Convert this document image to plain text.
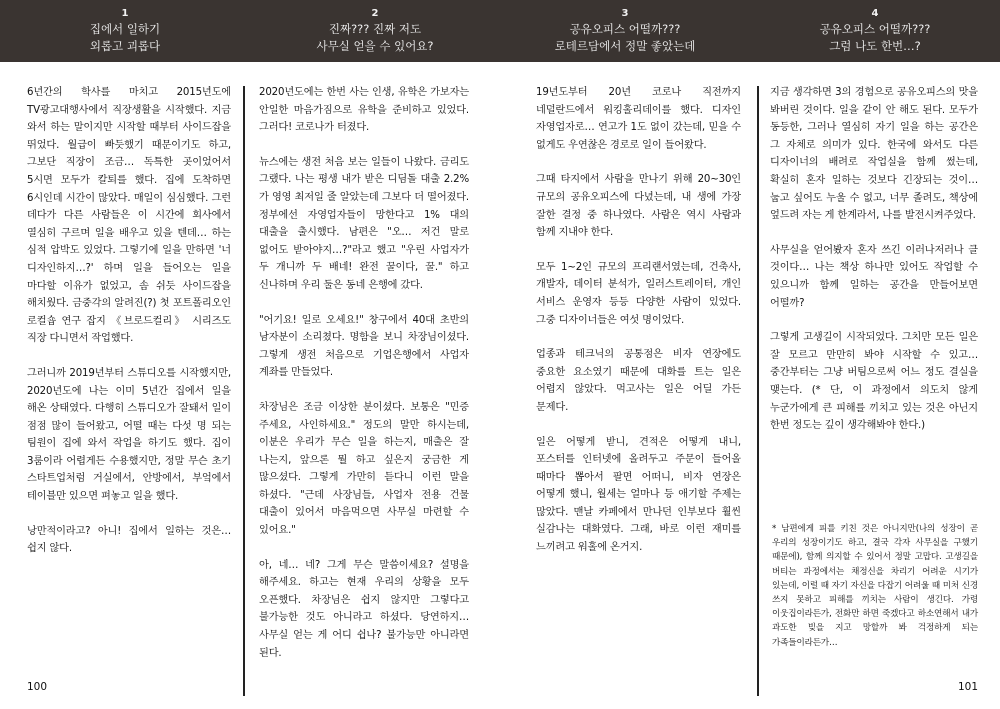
1
집에서 일하기
외롭고 괴롭다
2
진짜??? 진짜 저도
사무실 얻을 수 있어요?
3
공유오피스 어떨까???
로테르담에서 정말 좋았는데
4
공유오피스 어떨까???
그럼 나도 한번…?

6년간의 학사를 마치고 2015년도에 TV광고대행사에서 직장생활을 시작했다. 지금 와서 하는 말이지만 시작할 때부터 사이드잡을 뛰었다. 월급이 빠듯했기 때문이기도 하고, 그보단 직장이 조금… 독특한 곳이었어서 5시면 모두가 칼퇴를 했다. 집에 도착하면 6시인데 시간이 많았다. 매일이 심심했다. 그런 데다가 다른 사람들은 이 시간에 회사에서 열심히 구르며 일을 배우고 있을 텐데… 하는 심적 압박도 있었다. 그렇기에 일을 만하면 '너 디자인하지…?' 하며 일을 들어오는 일을 마다할 이유가 없었고, 솜 쉬듯 사이드잡을 해치웠다. 금중각의 알려진(?) 첫 포트폴리오인 로컬숍 연구 잡지 《브로드컬리》 시리즈도 직장 다니면서 작업했다.

그러니까 2019년부터 스튜디오를 시작했지만, 2020년도에 나는 이미 5년간 집에서 일을 해온 상태였다. 다행히 스튜디오가 잘돼서 일이 점점 많이 들어왔고, 어떨 때는 다섯 명 되는 팀원이 집에 와서 작업을 하기도 했다. 집이 3룸이라 어렵게든 수용했지만, 정말 무슨 초기 스타트업처럼 거실에서, 안방에서, 부엌에서 테이블만 있으면 펴놓고 일을 했다.

낭만적이라고? 아니! 집에서 일하는 것은… 쉽지 않다.

2020년도에는 한번 사는 인생, 유학은 가보자는 안일한 마음가짐으로 유학을 준비하고 있었다. 그러다! 코로나가 터졌다.

뉴스에는 생전 처음 보는 일들이 나왔다. 금리도 그랬다. 나는 평생 내가 받은 디딤돌 대출 2.2%가 영영 최저일 줄 알았는데 그보다 더 떨어졌다. 정부에선 자영업자들이 망한다고 1% 대의 대출을 출시했다. 남편은 "오… 저건 말로 없어도 받아야지…?"라고 했고 "우린 사업자가 두 개니까 두 배네! 완전 꿀이다, 꿀." 하고 신나하며 우리 둘은 동네 은행에 갔다.

"어기요! 일로 오세요!" 창구에서 40대 초반의 남자분이 소리쳤다. 명함을 보니 차장님이셨다. 그렇게 생전 처음으로 기업은행에서 사업자 계좌를 만들었다.

차장님은 조금 이상한 분이셨다. 보통은 "민증 주세요, 사인하세요." 정도의 말만 하시는데, 이분은 우리가 무슨 일을 하는지, 매출은 잘 나는지, 앞으론 뭘 하고 싶은지 궁금한 게 많으셨다. 그렇게 가만히 듣다니 이런 말을 하셨다. "근데 사장님들, 사업자 전용 건물 대출이 있어서 마음먹으면 사무실 마련할 수 있어요."

아, 네… 네? 그게 무슨 말씀이세요? 설명을 해주세요. 하고는 현재 우리의 상황을 모두 오픈했다. 차장님은 쉽지 않지만 그렇다고 불가능한 것도 아니라고 하셨다. 당연하지… 사무실 얻는 게 어디 쉽나? 불가능만 아니라면 된다.

19년도부터 20년 코로나 직전까지 네덜란드에서 워킹홀리데이를 했다. 디자인 자영업자로… 연고가 1도 없이 갔는데, 믿을 수 없게도 우연찮은 경로로 일이 들어왔다.

그때 타지에서 사람을 만나기 위해 20~30인 규모의 공유오피스에 다녔는데, 내 생에 가장 잘한 결정 중 하나였다. 사람은 역시 사람과 함께 지내야 한다.

모두 1~2인 규모의 프리랜서였는데, 건축사, 개발자, 데이터 분석가, 일러스트레이터, 개인 서비스 운영자 등등 다양한 사람이 있었다. 그중 디자이너들은 여섯 명이었다.

업종과 테크닉의 공통점은 비자 연장에도 중요한 요소였기 때문에 대화를 트는 일은 어렵지 않았다. 먹고사는 일은 어딜 가든 문제다.

일은 어떻게 받니, 견적은 어떻게 내니, 포스터를 인터넷에 올려두고 주문이 들어올 때마다 뽑아서 팔면 어떠니, 비자 연장은 어떻게 했니, 월세는 얼마나 등 애기할 주제는 많았다. 맨날 카페에서 만나던 인부보다 훨씬 실감나는 대화였다. 그래, 바로 이런 재미를 느끼려고 워홀에 온거지.

지금 생각하면 3의 경험으로 공유오피스의 맛을 봐버린 것이다. 일을 같이 안 해도 된다. 모두가 동등한, 그러나 열심히 자기 일을 하는 공간은 그 자체로 의미가 있다. 한국에 와서도 다른 디자이너의 배려로 작업실을 함께 썼는데, 확실히 혼자 일하는 것보다 긴장되는 것이… 눕고 싶어도 누울 수 없고, 너무 졸려도, 책상에 엎드려 자는 게 한계라서, 나를 발전시켜주었다.

사무실을 얻어봤자 혼자 쓰긴 이러나저러나 클 것이다… 나는 책상 하나만 있어도 작업할 수 있으니까 함께 일하는 공간을 만들어보면 어떨까?

그렇게 고생길이 시작되었다. 그치만 모든 일은 잘 모르고 만만히 봐야 시작할 수 있고… 중간부터는 그냥 버팀으로써 어느 정도 결실을 맺는다. (* 단, 이 과정에서 의도치 않게 누군가에게 큰 피해를 끼치고 있는 것은 아닌지 한번 정도는 깊이 생각해봐야 한다.)

* 남편에게 피를 키친 것은 아니지만(나의 성장이 곧 우리의 성장이기도 하고, 결국 각자 사무실을 구했기 때문에), 함께 의지할 수 있어서 정말 고맙다. 고생길을 버티는 과정에서는 채정신을 차리기 어려운 시기가 있는데, 이럴 때 자기 자신을 다잡기 어려울 때 미처 신경 쓰지 못하고 피해를 끼치는 사람이 생긴다. 가령 이웃집이라든가, 전화만 하면 죽겠다고 하소연해서 내가 과도한 빚을 지고 망할까 봐 걱정하게 되는 가족들이라든가…
100	101
